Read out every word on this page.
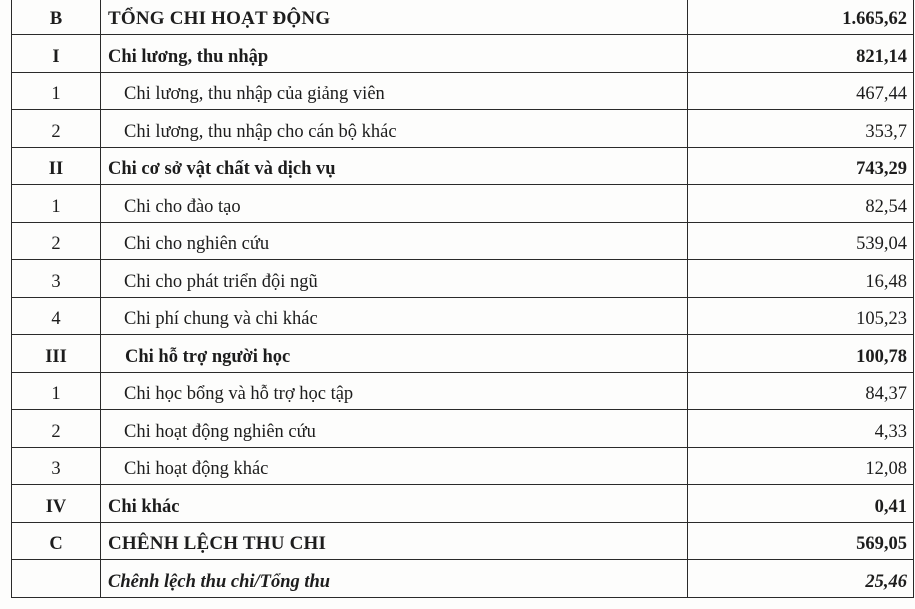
B	TỔNG CHI HOẠT ĐỘNG	1.665,62
I	Chi lương, thu nhập	821,14
1	Chi lương, thu nhập của giảng viên	467,44
2	Chi lương, thu nhập cho cán bộ khác	353,7
II	Chi cơ sở vật chất và dịch vụ	743,29
1	Chi cho đào tạo	82,54
2	Chi cho nghiên cứu	539,04
3	Chi cho phát triển đội ngũ	16,48
4	Chi phí chung và chi khác	105,23
III	Chi hỗ trợ người học	100,78
1	Chi học bổng và hỗ trợ học tập	84,37
2	Chi hoạt động nghiên cứu	4,33
3	Chi hoạt động khác	12,08
IV	Chi khác	0,41
C	CHÊNH LỆCH THU CHI	569,05
	Chênh lệch thu chi/Tổng thu	25,46
